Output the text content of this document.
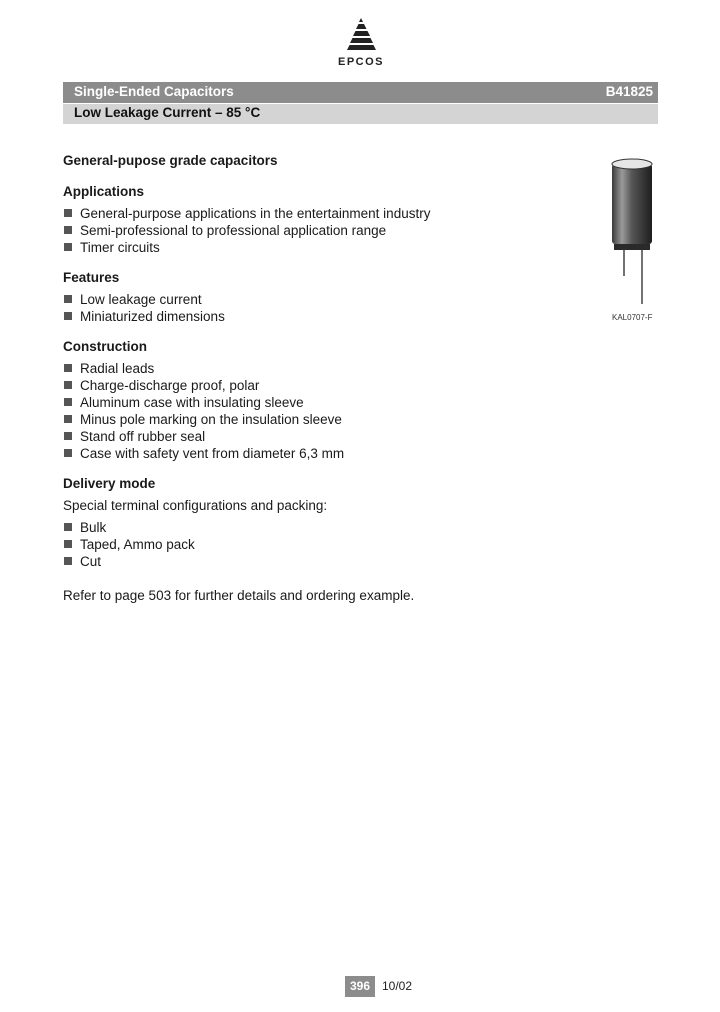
EPCOS
Single-Ended Capacitors	B41825
Low Leakage Current – 85 °C
General-pupose grade capacitors
Applications
General-purpose applications in the entertainment industry
Semi-professional to professional application range
Timer circuits
Features
Low leakage current
Miniaturized dimensions
Construction
Radial leads
Charge-discharge proof, polar
Aluminum case with insulating sleeve
Minus pole marking on the insulation sleeve
Stand off rubber seal
Case with safety vent from diameter 6,3 mm
Delivery mode

Special terminal configurations and packing:

Bulk
Taped, Ammo pack
Cut

Refer to page 503 for further details and ordering example.

KAL0707-F
396 10/02
